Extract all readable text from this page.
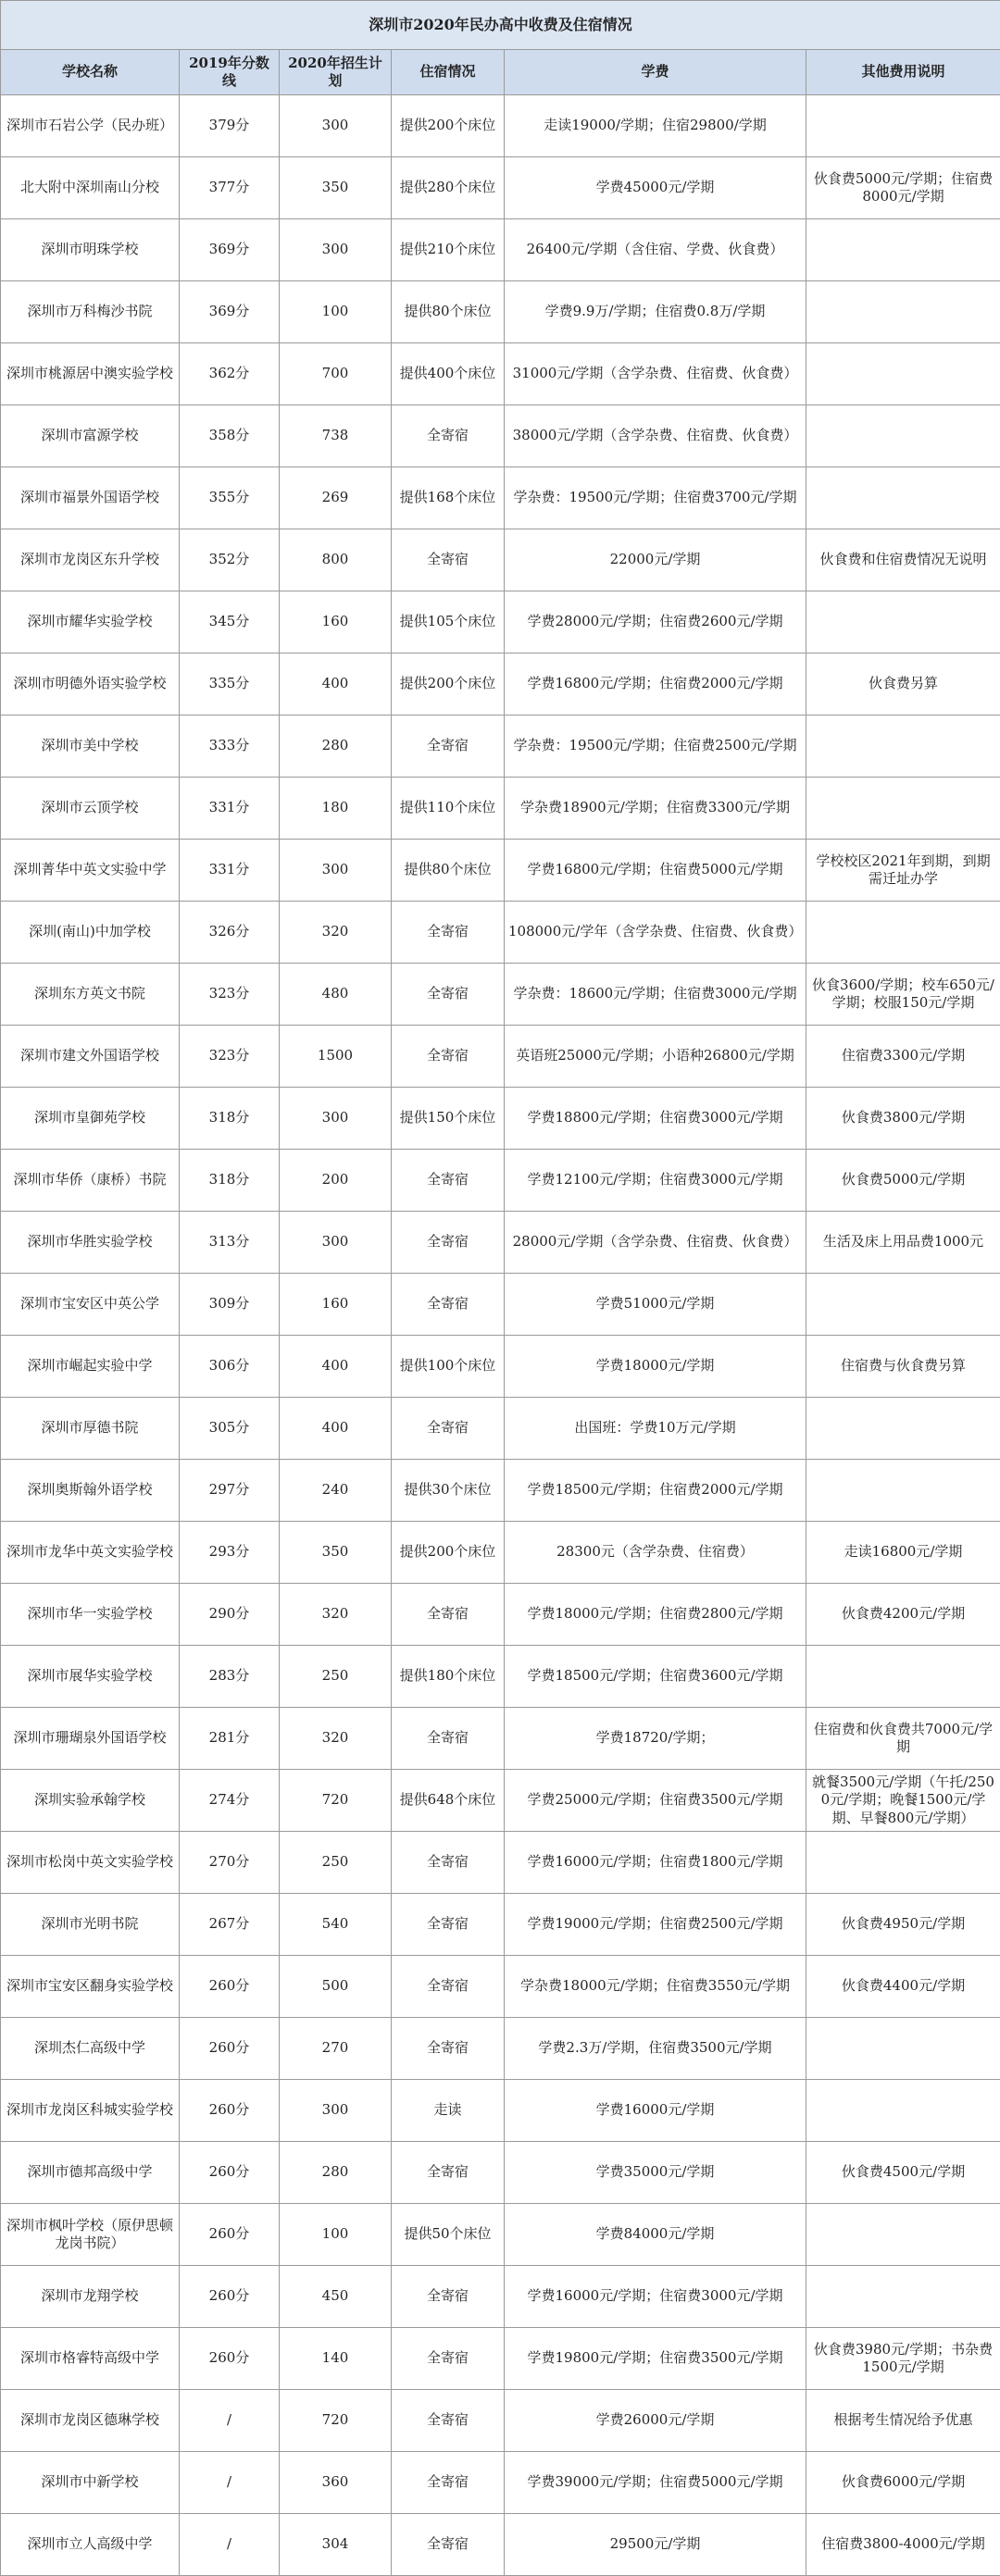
深圳市2020年民办高中收费及住宿情况					
学校名称	2019年分数线	2020年招生计划	住宿情况	学费	其他费用说明
深圳市石岩公学（民办班）	379分	300	提供200个床位	走读19000/学期；住宿29800/学期	
北大附中深圳南山分校	377分	350	提供280个床位	学费45000元/学期	伙食费5000元/学期；住宿费8000元/学期
深圳市明珠学校	369分	300	提供210个床位	26400元/学期（含住宿、学费、伙食费）	
深圳市万科梅沙书院	369分	100	提供80个床位	学费9.9万/学期；住宿费0.8万/学期	
深圳市桃源居中澳实验学校	362分	700	提供400个床位	31000元/学期（含学杂费、住宿费、伙食费）	
深圳市富源学校	358分	738	全寄宿	38000元/学期（含学杂费、住宿费、伙食费）	
深圳市福景外国语学校	355分	269	提供168个床位	学杂费：19500元/学期；住宿费3700元/学期	
深圳市龙岗区东升学校	352分	800	全寄宿	22000元/学期	伙食费和住宿费情况无说明
深圳市耀华实验学校	345分	160	提供105个床位	学费28000元/学期；住宿费2600元/学期	
深圳市明德外语实验学校	335分	400	提供200个床位	学费16800元/学期；住宿费2000元/学期	伙食费另算
深圳市美中学校	333分	280	全寄宿	学杂费：19500元/学期；住宿费2500元/学期	
深圳市云顶学校	331分	180	提供110个床位	学杂费18900元/学期；住宿费3300元/学期	
深圳菁华中英文实验中学	331分	300	提供80个床位	学费16800元/学期；住宿费5000元/学期	学校校区2021年到期，到期需迁址办学
深圳(南山)中加学校	326分	320	全寄宿	108000元/学年（含学杂费、住宿费、伙食费）	
深圳东方英文书院	323分	480	全寄宿	学杂费：18600元/学期；住宿费3000元/学期	伙食3600/学期；校车650元/学期；校服150元/学期
深圳市建文外国语学校	323分	1500	全寄宿	英语班25000元/学期；小语种26800元/学期	住宿费3300元/学期
深圳市皇御苑学校	318分	300	提供150个床位	学费18800元/学期；住宿费3000元/学期	伙食费3800元/学期
深圳市华侨（康桥）书院	318分	200	全寄宿	学费12100元/学期；住宿费3000元/学期	伙食费5000元/学期
深圳市华胜实验学校	313分	300	全寄宿	28000元/学期（含学杂费、住宿费、伙食费）	生活及床上用品费1000元
深圳市宝安区中英公学	309分	160	全寄宿	学费51000元/学期	
深圳市崛起实验中学	306分	400	提供100个床位	学费18000元/学期	住宿费与伙食费另算
深圳市厚德书院	305分	400	全寄宿	出国班：学费10万元/学期	
深圳奥斯翰外语学校	297分	240	提供30个床位	学费18500元/学期；住宿费2000元/学期	
深圳市龙华中英文实验学校	293分	350	提供200个床位	28300元（含学杂费、住宿费）	走读16800元/学期
深圳市华一实验学校	290分	320	全寄宿	学费18000元/学期；住宿费2800元/学期	伙食费4200元/学期
深圳市展华实验学校	283分	250	提供180个床位	学费18500元/学期；住宿费3600元/学期	
深圳市珊瑚泉外国语学校	281分	320	全寄宿	学费18720/学期；	住宿费和伙食费共7000元/学期
深圳实验承翰学校	274分	720	提供648个床位	学费25000元/学期；住宿费3500元/学期	就餐3500元/学期（午托/2500元/学期；晚餐1500元/学期、早餐800元/学期）
深圳市松岗中英文实验学校	270分	250	全寄宿	学费16000元/学期；住宿费1800元/学期	
深圳市光明书院	267分	540	全寄宿	学费19000元/学期；住宿费2500元/学期	伙食费4950元/学期
深圳市宝安区翻身实验学校	260分	500	全寄宿	学杂费18000元/学期；住宿费3550元/学期	伙食费4400元/学期
深圳杰仁高级中学	260分	270	全寄宿	学费2.3万/学期，住宿费3500元/学期	
深圳市龙岗区科城实验学校	260分	300	走读	学费16000元/学期	
深圳市德邦高级中学	260分	280	全寄宿	学费35000元/学期	伙食费4500元/学期
深圳市枫叶学校（原伊思顿龙岗书院）	260分	100	提供50个床位	学费84000元/学期	
深圳市龙翔学校	260分	450	全寄宿	学费16000元/学期；住宿费3000元/学期	
深圳市格睿特高级中学	260分	140	全寄宿	学费19800元/学期；住宿费3500元/学期	伙食费3980元/学期；书杂费1500元/学期
深圳市龙岗区德琳学校	/	720	全寄宿	学费26000元/学期	根据考生情况给予优惠
深圳市中新学校	/	360	全寄宿	学费39000元/学期；住宿费5000元/学期	伙食费6000元/学期
深圳市立人高级中学	/	304	全寄宿	29500元/学期	住宿费3800-4000元/学期
